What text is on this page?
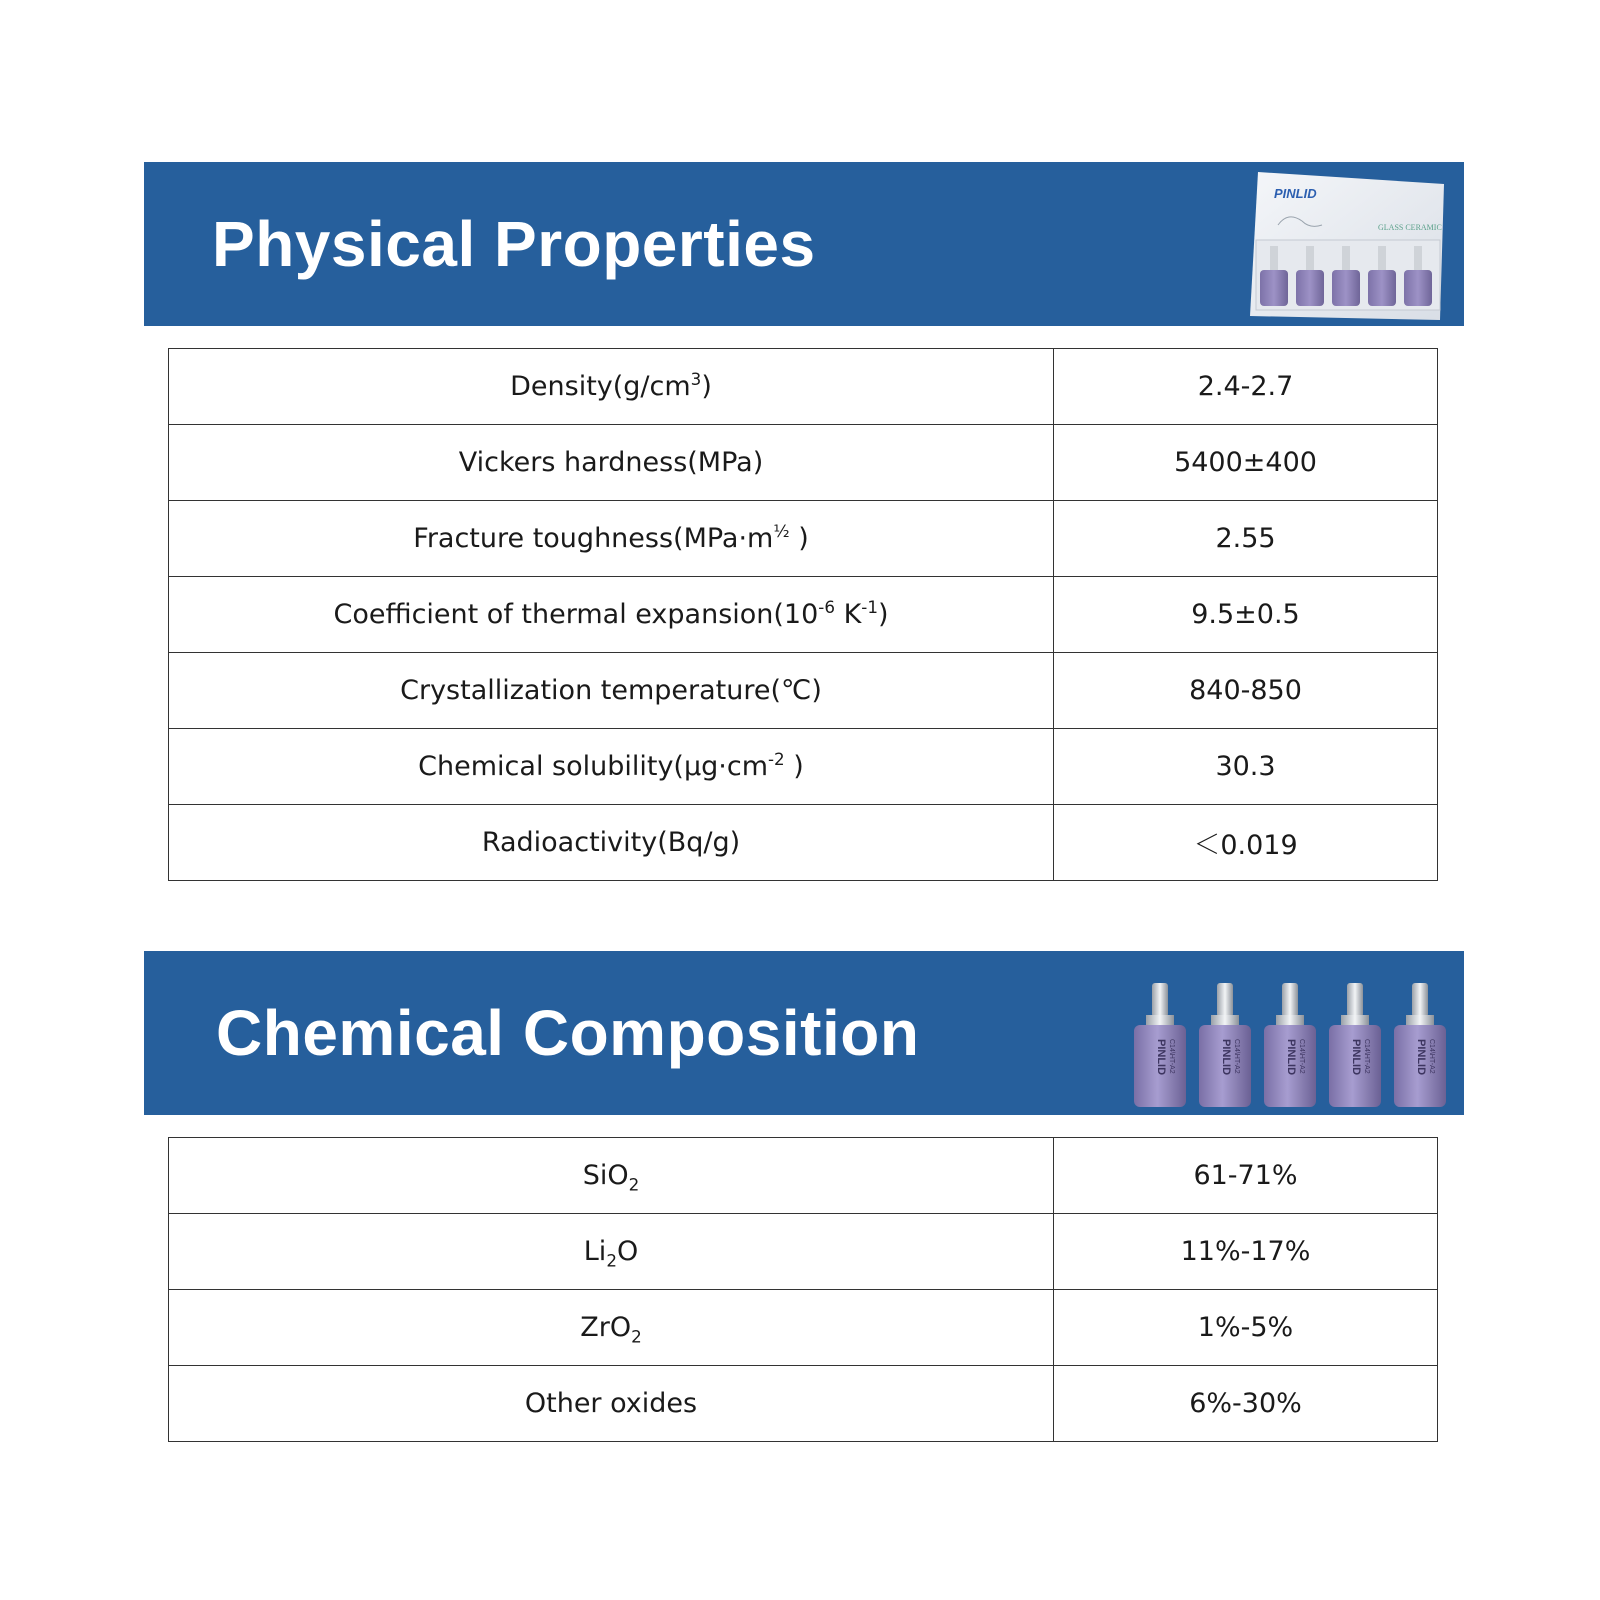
Physical Properties
PINLID
GLASS CERAMIC
$Density(g/cm^3)$	2.4-2.7
Vickers hardness(MPa)	5400±400
Fracture $toughness(MPa\cdot m^{\frac{1}{2}}$ )	2.55
Coefficient of thermal $expansion(10^{-6}$ $K^{-1}$)	9.5±0.5
Crystallization temperature(℃)	840-850
Chemical $solubility(\mu g\cdot cm^{-2}$ )	30.3
Radioactivity(Bq/g)	＜0.019
Chemical Composition	PINLID C14\HT-A2	PINLID C14\HT-A2	PINLID C14\HT-A2	PINLID C14\HT-A2	PINLID C14\HT-A2
SiO$_2$	61-71%
$Li_2O$	11%-17%
ZrO$_2$	1%-5%
Other oxides	6%-30%
